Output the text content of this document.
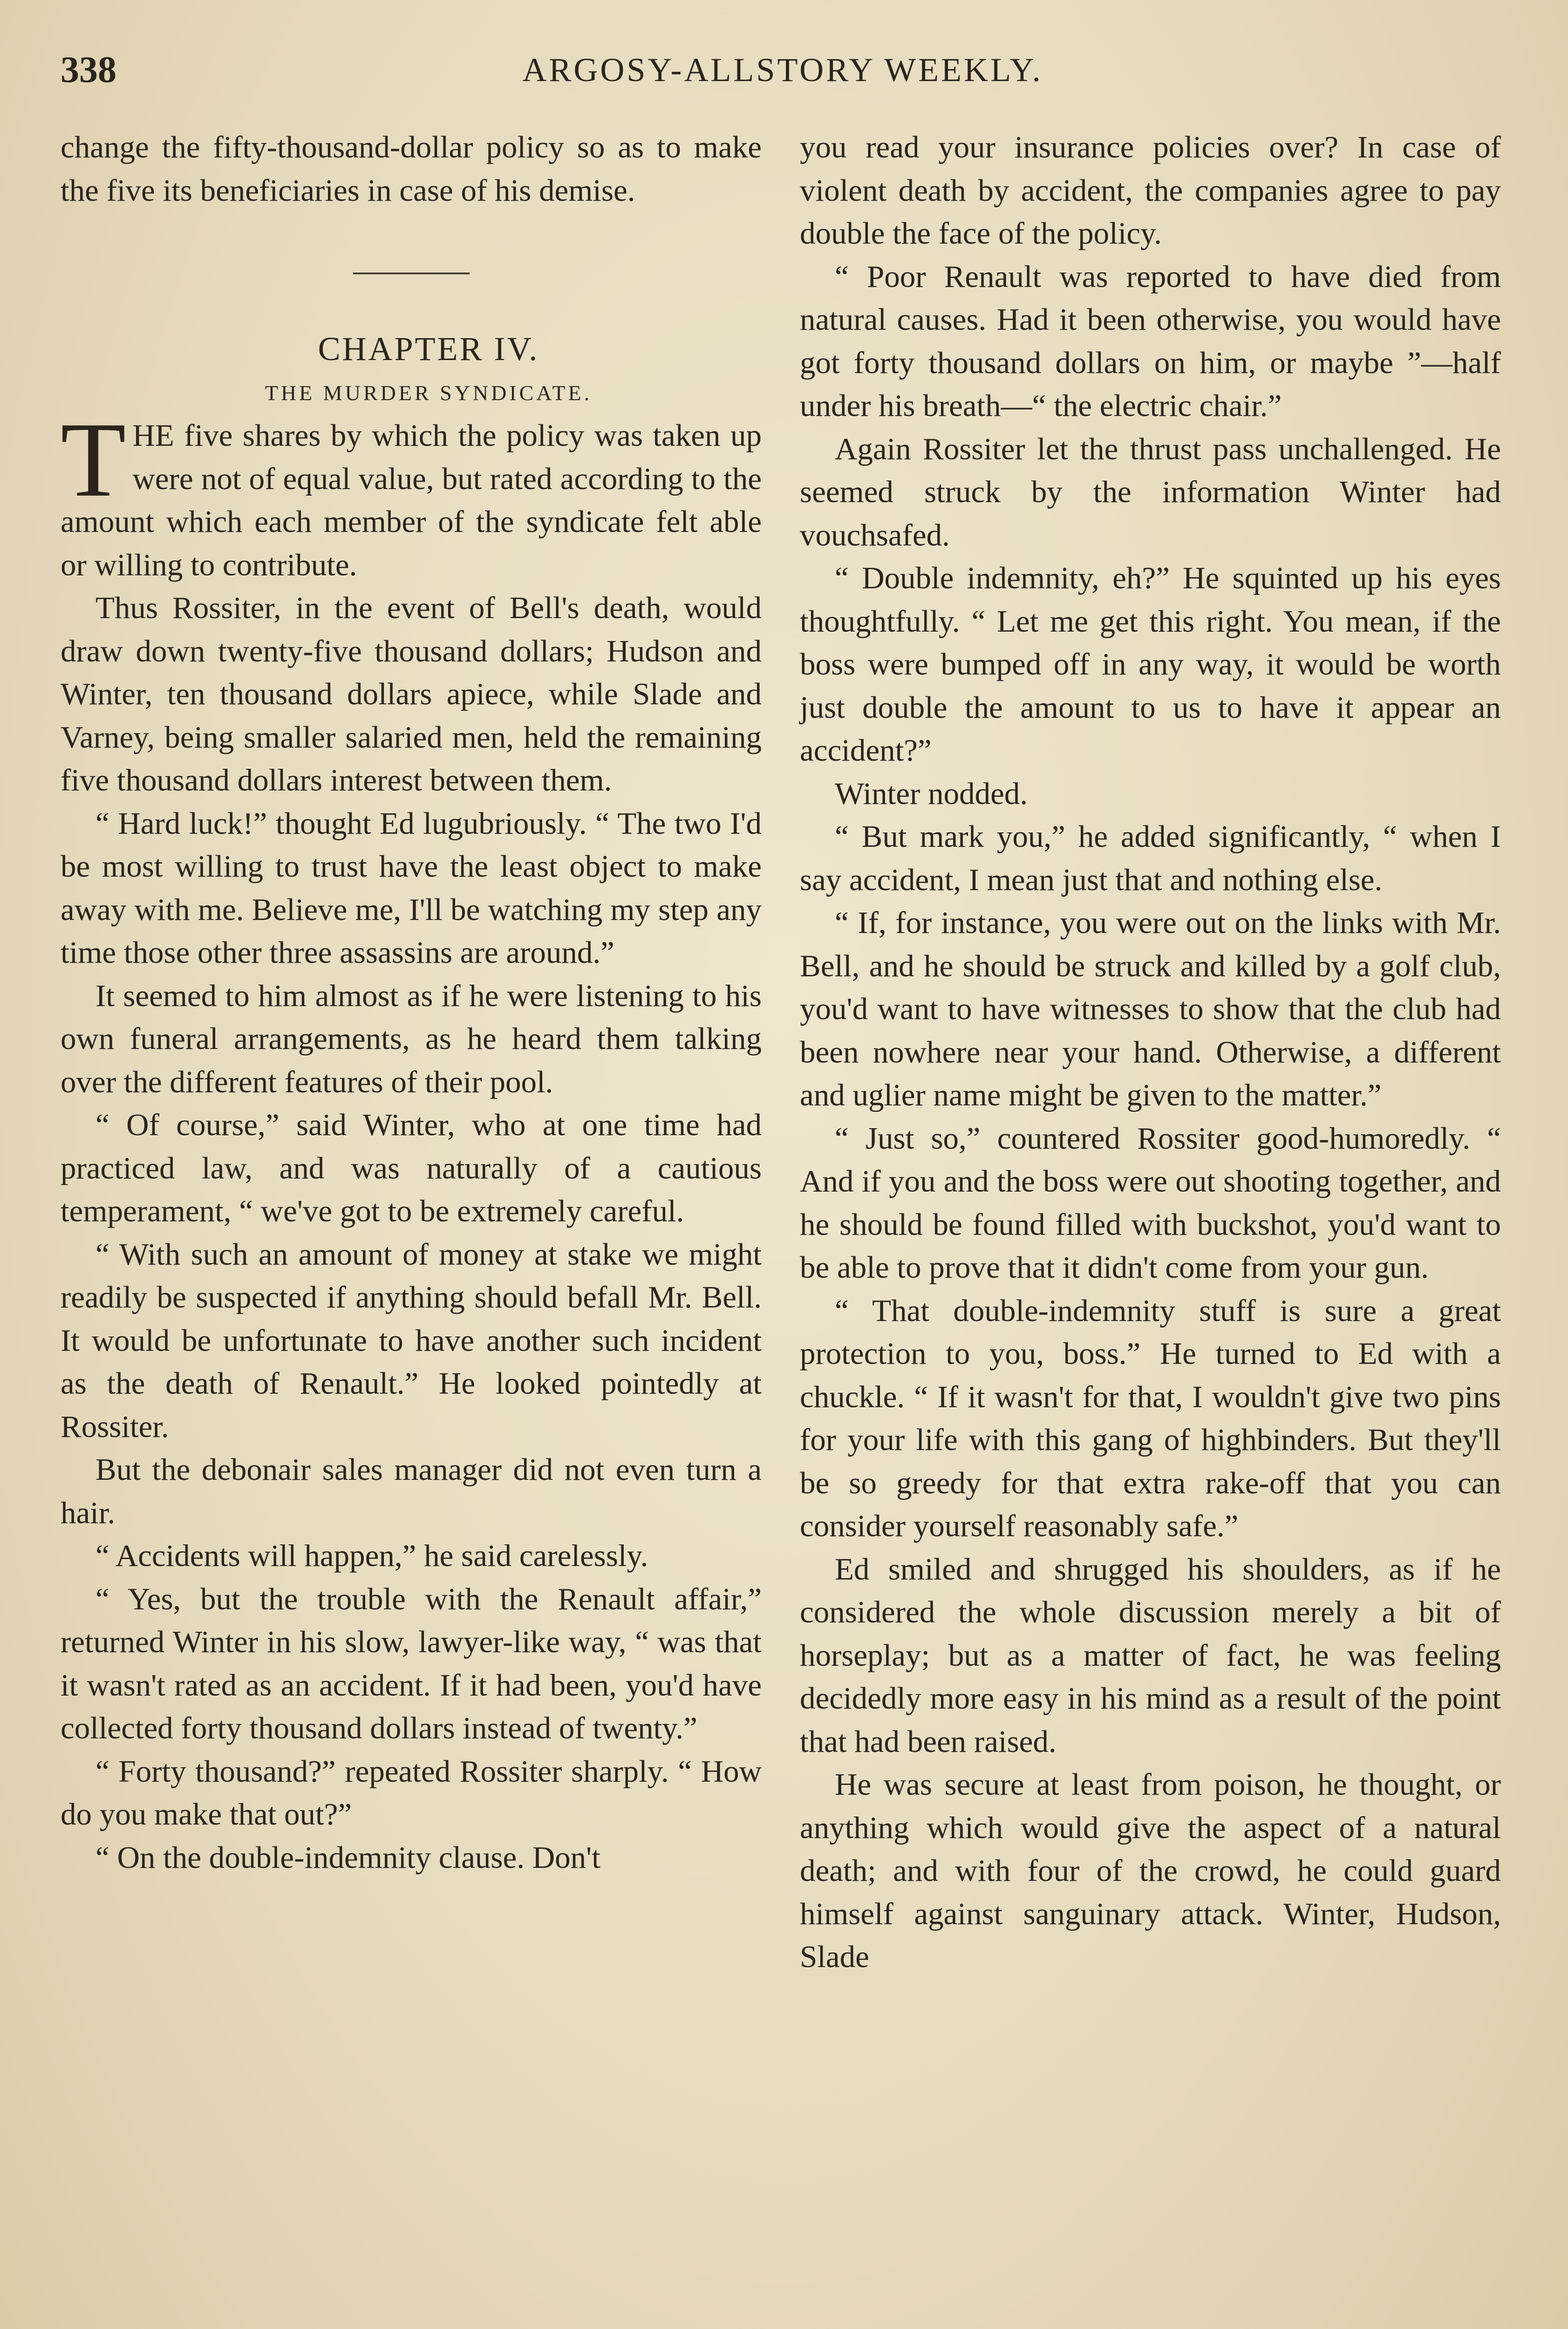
338	ARGOSY-ALLSTORY WEEKLY.

change the fifty-thousand-dollar policy so as to make the five its beneficiaries in case of his demise.

CHAPTER IV.

THE MURDER SYNDICATE.

THE five shares by which the policy was taken up were not of equal value, but rated according to the amount which each member of the syndicate felt able or willing to contribute.

Thus Rossiter, in the event of Bell's death, would draw down twenty-five thousand dollars; Hudson and Winter, ten thousand dollars apiece, while Slade and Varney, being smaller salaried men, held the remaining five thousand dollars interest between them.

“ Hard luck!” thought Ed lugubriously. “ The two I'd be most willing to trust have the least object to make away with me. Believe me, I'll be watching my step any time those other three assassins are around.”

It seemed to him almost as if he were listening to his own funeral arrangements, as he heard them talking over the different features of their pool.

“ Of course,” said Winter, who at one time had practiced law, and was naturally of a cautious temperament, “ we've got to be extremely careful.

“ With such an amount of money at stake we might readily be suspected if anything should befall Mr. Bell. It would be unfortunate to have another such incident as the death of Renault.” He looked pointedly at Rossiter.

But the debonair sales manager did not even turn a hair.

“ Accidents will happen,” he said carelessly.

“ Yes, but the trouble with the Renault affair,” returned Winter in his slow, lawyer-like way, “ was that it wasn't rated as an accident. If it had been, you'd have collected forty thousand dollars instead of twenty.”

“ Forty thousand?” repeated Rossiter sharply. “ How do you make that out?”

“ On the double-indemnity clause. Don't

you read your insurance policies over? In case of violent death by accident, the companies agree to pay double the face of the policy.

“ Poor Renault was reported to have died from natural causes. Had it been otherwise, you would have got forty thousand dollars on him, or maybe ”—half under his breath—“ the electric chair.”

Again Rossiter let the thrust pass unchallenged. He seemed struck by the information Winter had vouchsafed.

“ Double indemnity, eh?” He squinted up his eyes thoughtfully. “ Let me get this right. You mean, if the boss were bumped off in any way, it would be worth just double the amount to us to have it appear an accident?”

Winter nodded.

“ But mark you,” he added significantly, “ when I say accident, I mean just that and nothing else.

“ If, for instance, you were out on the links with Mr. Bell, and he should be struck and killed by a golf club, you'd want to have witnesses to show that the club had been nowhere near your hand. Otherwise, a different and uglier name might be given to the matter.”

“ Just so,” countered Rossiter good-humoredly. “ And if you and the boss were out shooting together, and he should be found filled with buckshot, you'd want to be able to prove that it didn't come from your gun.

“ That double-indemnity stuff is sure a great protection to you, boss.” He turned to Ed with a chuckle. “ If it wasn't for that, I wouldn't give two pins for your life with this gang of highbinders. But they'll be so greedy for that extra rake-off that you can consider yourself reasonably safe.”

Ed smiled and shrugged his shoulders, as if he considered the whole discussion merely a bit of horseplay; but as a matter of fact, he was feeling decidedly more easy in his mind as a result of the point that had been raised.

He was secure at least from poison, he thought, or anything which would give the aspect of a natural death; and with four of the crowd, he could guard himself against sanguinary attack. Winter, Hudson, Slade
